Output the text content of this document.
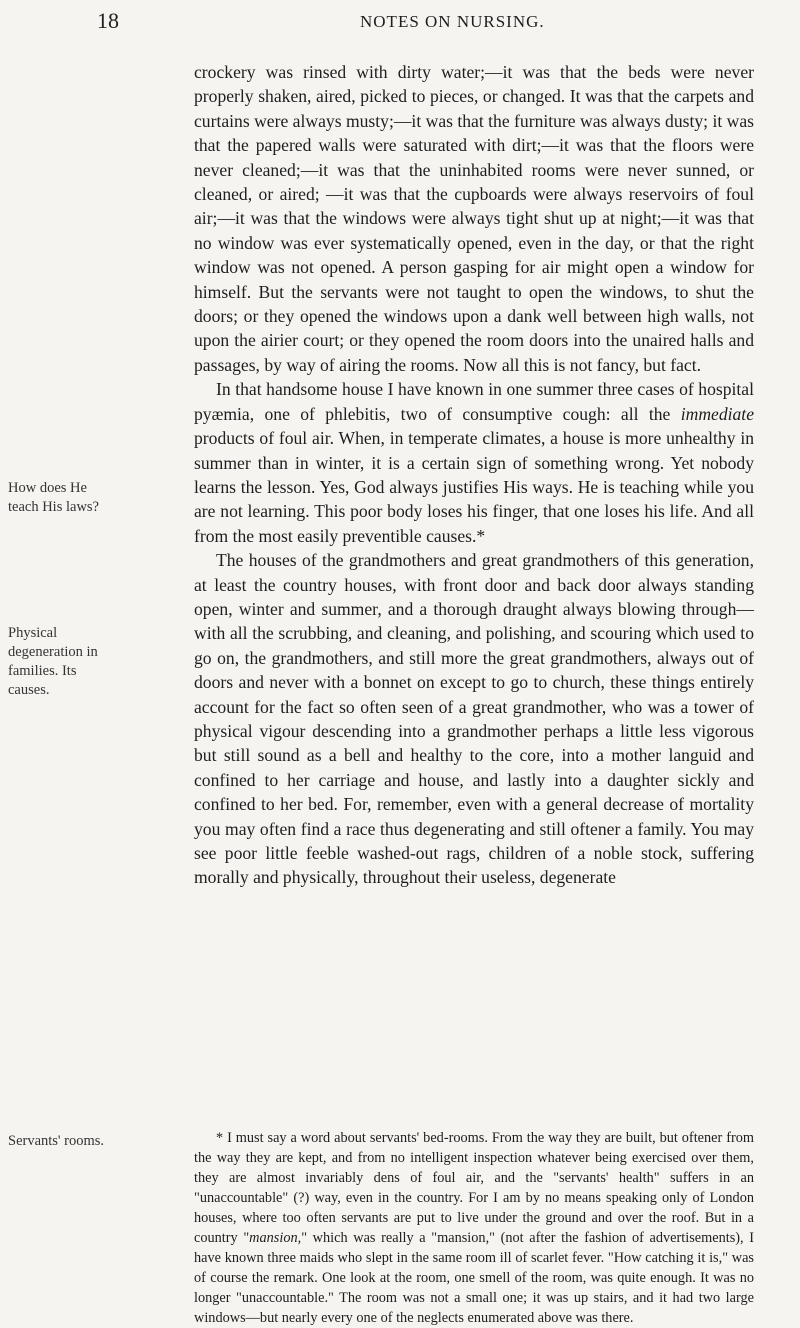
18	NOTES ON NURSING.
How does He teach His laws?
Physical degeneration in families. Its causes.
Servants' rooms.

crockery was rinsed with dirty water;—it was that the beds were never properly shaken, aired, picked to pieces, or changed. It was that the carpets and curtains were always musty;—it was that the furniture was always dusty; it was that the papered walls were saturated with dirt;—it was that the floors were never cleaned;—it was that the uninhabited rooms were never sunned, or cleaned, or aired; —it was that the cupboards were always reservoirs of foul air;—it was that the windows were always tight shut up at night;—it was that no window was ever systematically opened, even in the day, or that the right window was not opened. A person gasping for air might open a window for himself. But the servants were not taught to open the windows, to shut the doors; or they opened the windows upon a dank well between high walls, not upon the airier court; or they opened the room doors into the unaired halls and passages, by way of airing the rooms. Now all this is not fancy, but fact.

In that handsome house I have known in one summer three cases of hospital pyæmia, one of phlebitis, two of consumptive cough: all the immediate products of foul air. When, in temperate climates, a house is more unhealthy in summer than in winter, it is a certain sign of something wrong. Yet nobody learns the lesson. Yes, God always justifies His ways. He is teaching while you are not learning. This poor body loses his finger, that one loses his life. And all from the most easily preventible causes.*

The houses of the grandmothers and great grandmothers of this generation, at least the country houses, with front door and back door always standing open, winter and summer, and a thorough draught always blowing through—with all the scrubbing, and cleaning, and polishing, and scouring which used to go on, the grandmothers, and still more the great grandmothers, always out of doors and never with a bonnet on except to go to church, these things entirely account for the fact so often seen of a great grandmother, who was a tower of physical vigour descending into a grandmother perhaps a little less vigorous but still sound as a bell and healthy to the core, into a mother languid and confined to her carriage and house, and lastly into a daughter sickly and confined to her bed. For, remember, even with a general decrease of mortality you may often find a race thus degenerating and still oftener a family. You may see poor little feeble washed-out rags, children of a noble stock, suffering morally and physically, throughout their useless, degenerate

* I must say a word about servants' bed-rooms. From the way they are built, but oftener from the way they are kept, and from no intelligent inspection whatever being exercised over them, they are almost invariably dens of foul air, and the "servants' health" suffers in an "unaccountable" (?) way, even in the country. For I am by no means speaking only of London houses, where too often servants are put to live under the ground and over the roof. But in a country "mansion," which was really a "mansion," (not after the fashion of advertisements), I have known three maids who slept in the same room ill of scarlet fever. "How catching it is," was of course the remark. One look at the room, one smell of the room, was quite enough. It was no longer "unaccountable." The room was not a small one; it was up stairs, and it had two large windows—but nearly every one of the neglects enumerated above was there.
